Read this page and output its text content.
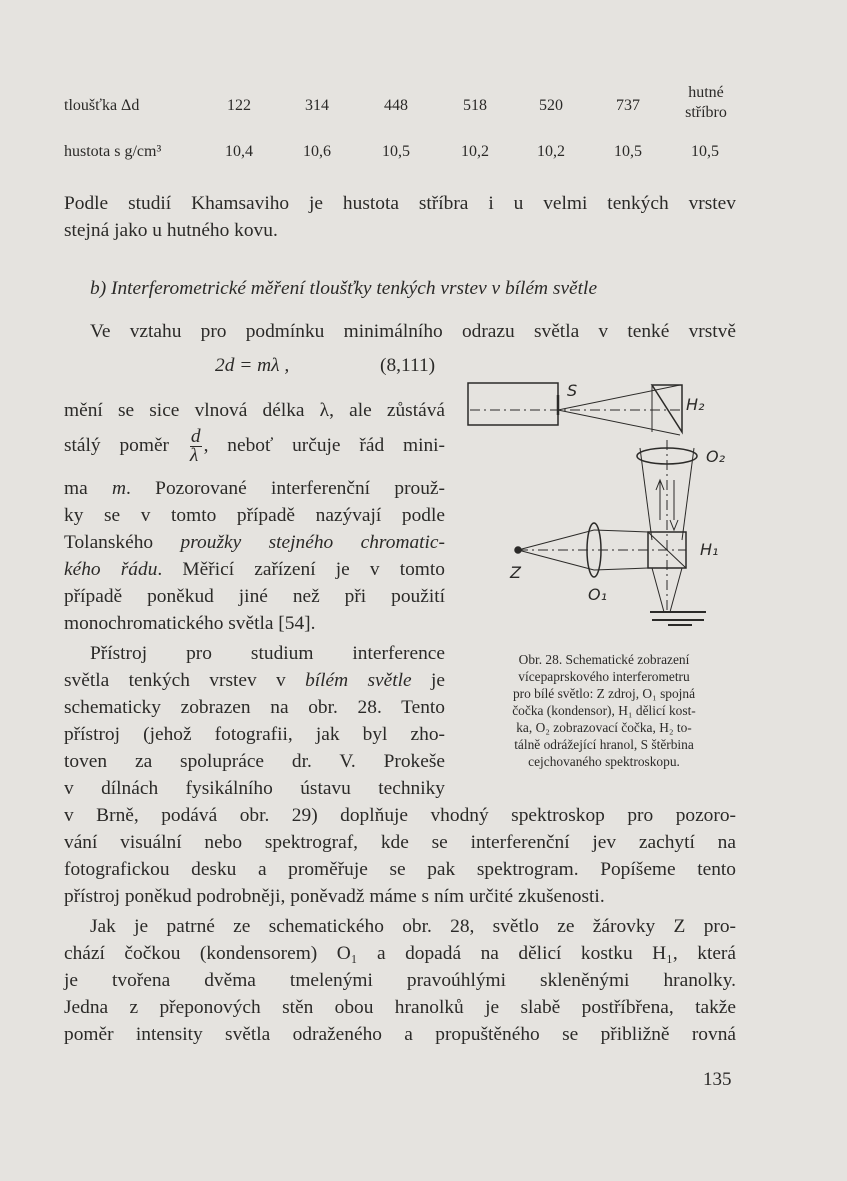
tloušťka Δd	122	314	448	518	520	737
hutné
stříbro
hustota s g/cm³	10,4	10,6	10,5	10,2	10,2	10,5	10,5
Podle studií Khamsaviho je hustota stříbra i u velmi tenkých vrstev
stejná jako u hutného kovu.
b) Interferometrické měření tloušťky tenkých vrstev v bílém světle
Ve vztahu pro podmínku minimálního odrazu světla v tenké vrstvě
2d = mλ ,	(8,111)
mění se sice vlnová délka λ, ale zůstává
stálý poměr $\frac{d}{\lambda}$ , neboť určuje řád mini-
ma m. Pozorované interferenční prouž-
ky se v tomto případě nazývají podle
Tolanského proužky stejného chromatic-
kého řádu. Měřicí zařízení je v tomto
případě poněkud jiné než při použití
monochromatického světla [54].
Přístroj pro studium interference
světla tenkých vrstev v bílém světle je
schematicky zobrazen na obr. 28. Tento
přístroj (jehož fotografii, jak byl zho-
toven za spolupráce dr. V. Prokeše
v dílnách fysikálního ústavu techniky
v Brně, podává obr. 29) doplňuje vhodný spektroskop pro pozoro-
vání visuální nebo spektrograf, kde se interferenční jev zachytí na
fotografickou desku a proměřuje se pak spektrogram. Popíšeme tento
přístroj poněkud podrobněji, poněvadž máme s ním určité zkušenosti.
Jak je patrné ze schematického obr. 28, světlo ze žárovky Z pro-
chází čočkou (kondensorem) O₁ a dopadá na dělicí kostku H₁, která
je tvořena dvěma tmelenými pravoúhlými skleněnými hranolky.
Jedna z přeponových stěn obou hranolků je slabě postříbřena, takže
poměr intensity světla odraženého a propuštěného se přibližně rovná
S
H₂
O₂
H₁
Z
O₁
Obr. 28. Schematické zobrazení
vícepaprskového interferometru
pro bílé světlo: Z zdroj, O₁ spojná
čočka (kondensor), H₁ dělicí kost-
ka, O₂ zobrazovací čočka, H₂ to-
tálně odrážející hranol, S štěrbina
cejchovaného spektroskopu.
135
